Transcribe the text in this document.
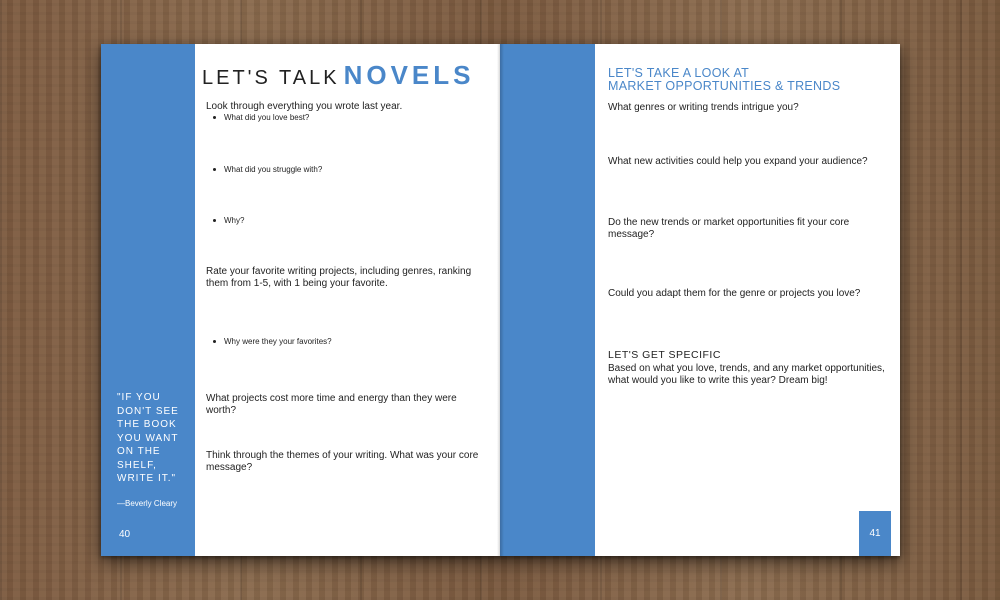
LET'S TALK NOVELS
Look through everything you wrote last year.
What did you love best?
What did you struggle with?
Why?
Rate your favorite writing projects, including genres, ranking them from 1-5, with 1 being your favorite.
Why were they your favorites?
What projects cost more time and energy than they were worth?
Think through the themes of your writing. What was your core message?
"IF YOU DON'T SEE THE BOOK YOU WANT ON THE SHELF, WRITE IT."
—Beverly Cleary
40
LET'S TAKE A LOOK AT
MARKET OPPORTUNITIES & TRENDS
What genres or writing trends intrigue you?
What new activities could help you expand your audience?
Do the new trends or market opportunities fit your core message?
Could you adapt them for the genre or projects you love?
LET'S GET SPECIFIC
Based on what you love, trends, and any market opportunities, what would you like to write this year? Dream big!
41
